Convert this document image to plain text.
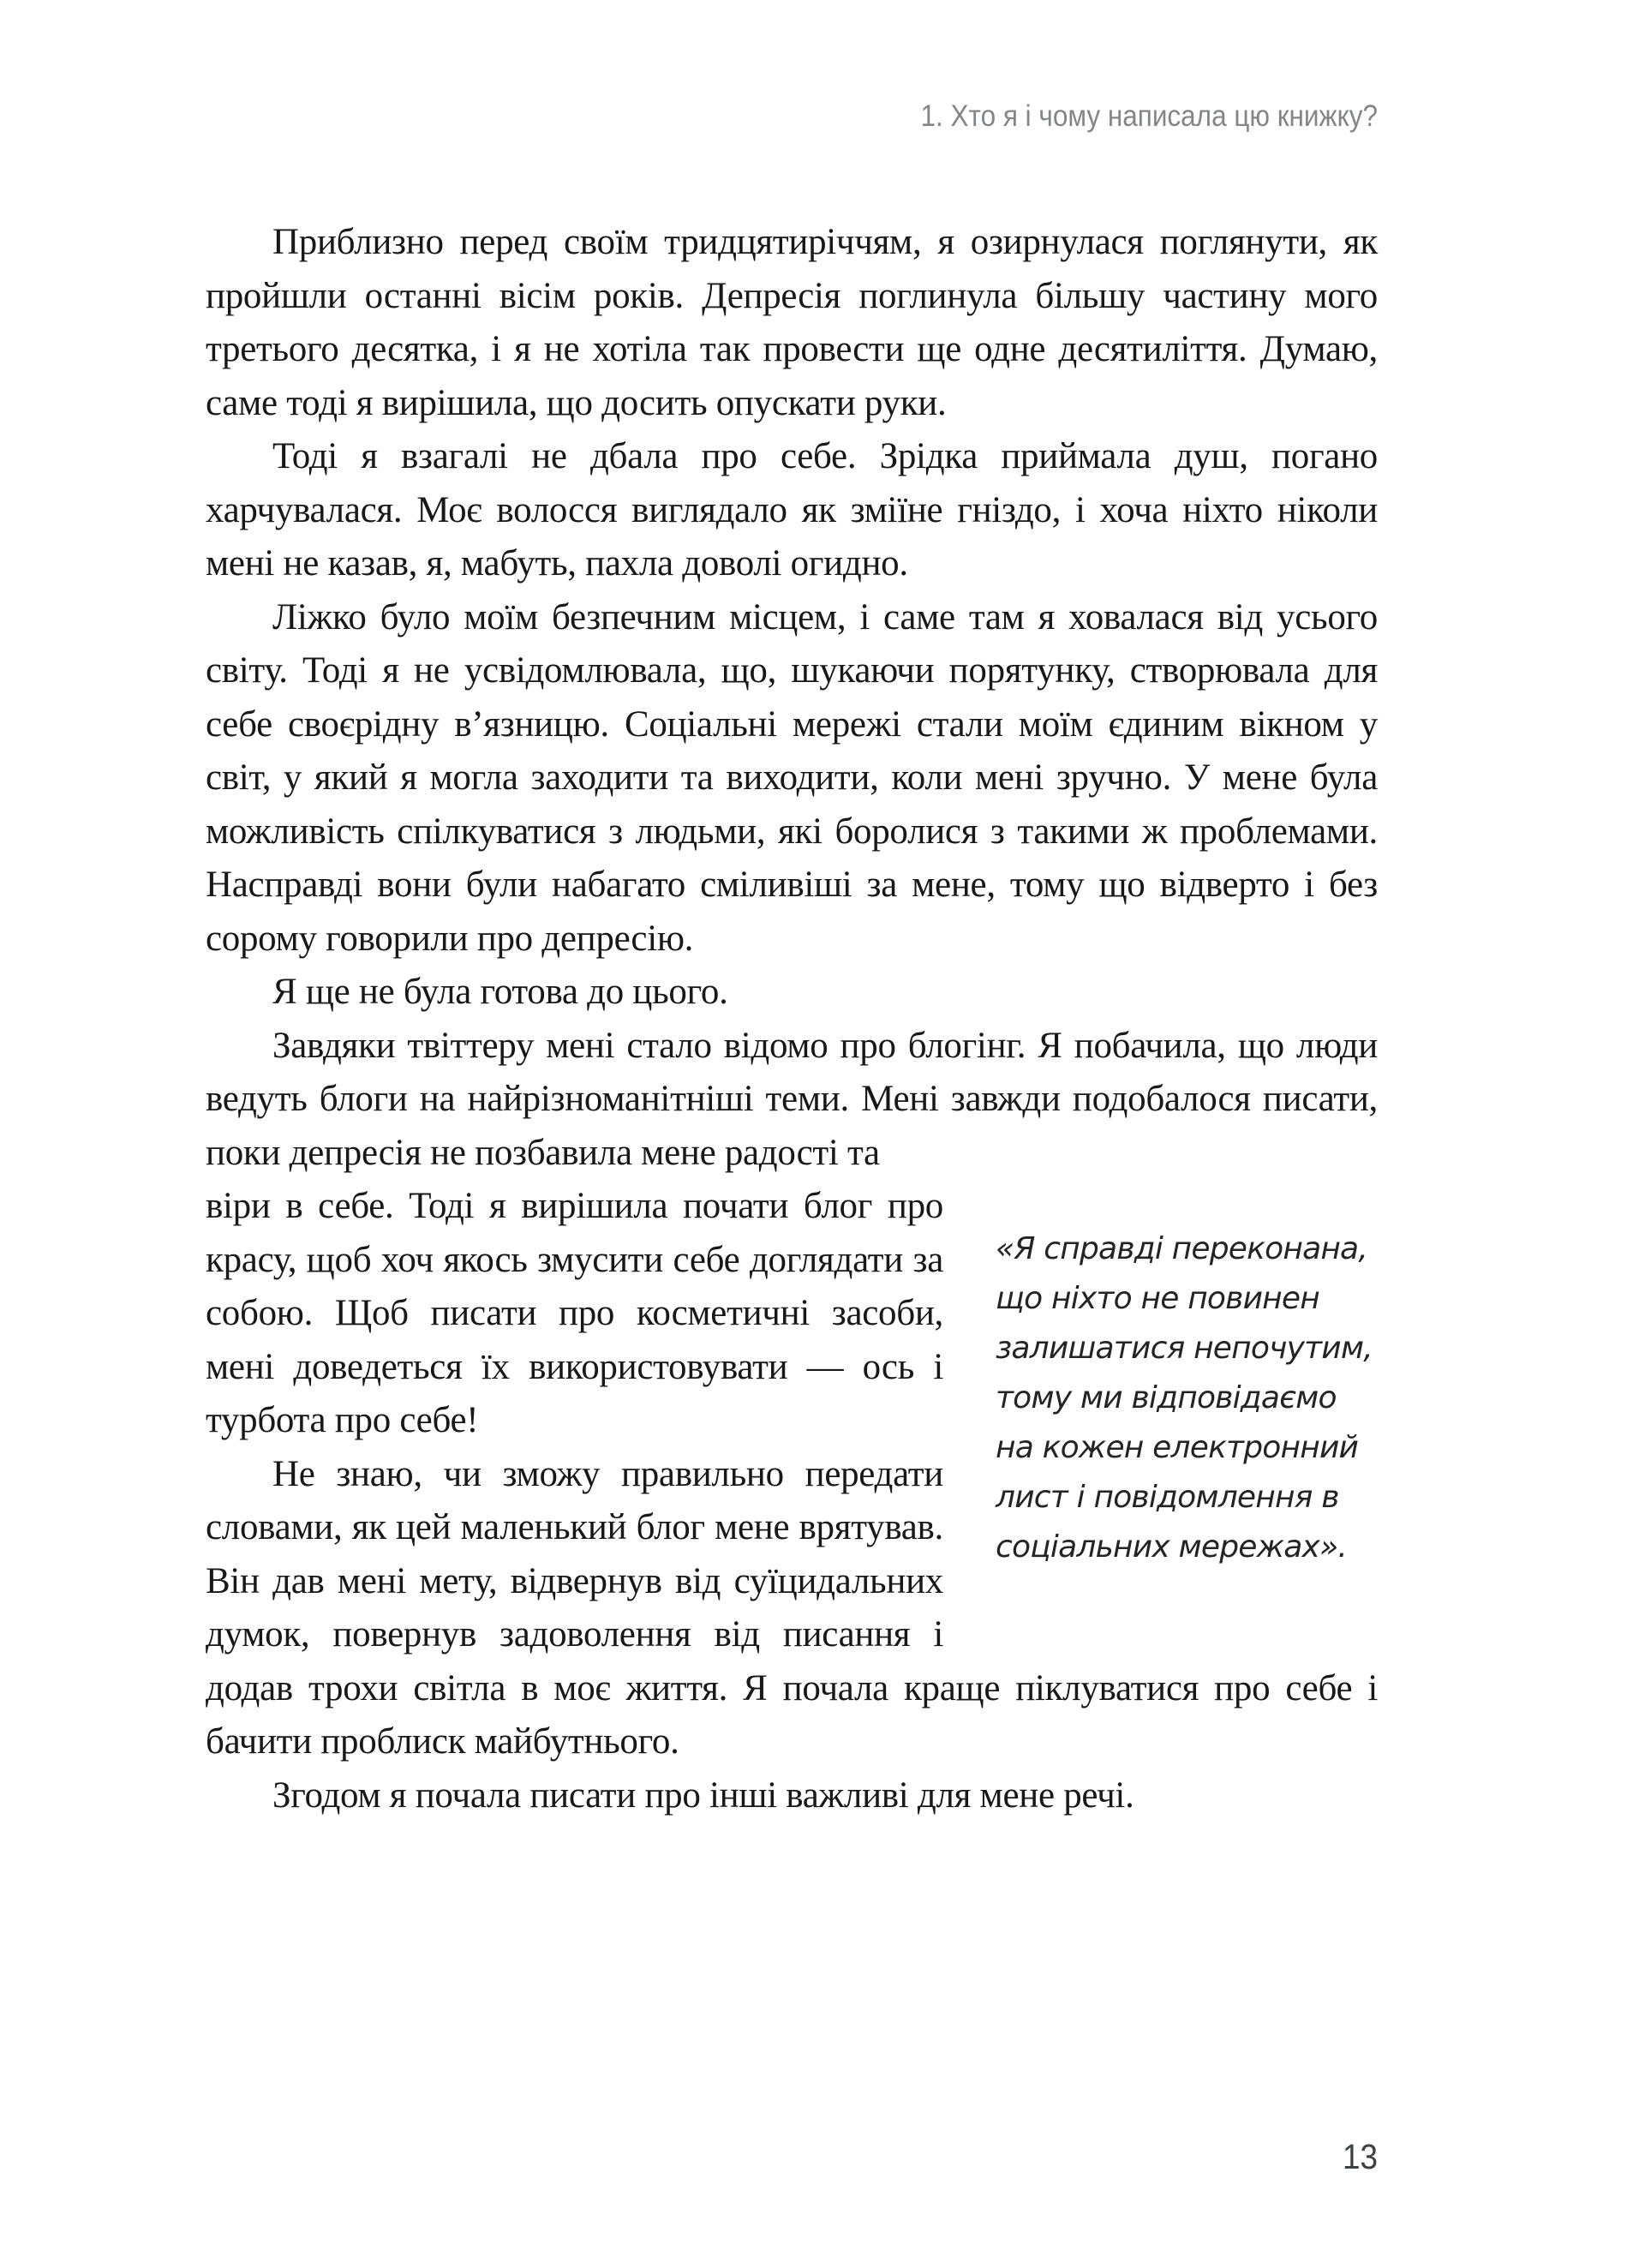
1. Хто я і чому написала цю книжку?

Приблизно перед своїм тридцятиріччям, я озирнулася поглянути, як пройшли останні вісім років. Депресія поглинула більшу частину мого третього десятка, і я не хотіла так провести ще одне десятиліття. Думаю, саме тоді я вирішила, що досить опускати руки.

Тоді я взагалі не дбала про себе. Зрідка приймала душ, погано харчувалася. Моє волосся виглядало як зміїне гніздо, і хоча ніхто ніколи мені не казав, я, мабуть, пахла доволі огидно.

Ліжко було моїм безпечним місцем, і саме там я ховалася від усього світу. Тоді я не усвідомлювала, що, шукаючи порятунку, створювала для себе своєрідну в’язницю. Соціальні мережі стали моїм єдиним вікном у світ, у який я могла заходити та виходити, коли мені зручно. У мене була можливість спілкуватися з людьми, які боролися з такими ж проблемами. Насправді вони були набагато сміливіші за мене, тому що відверто і без сорому говорили про депресію.

Я ще не була готова до цього.

Завдяки твіттеру мені стало відомо про блогінг. Я побачила, що люди ведуть блоги на найрізноманітніші теми. Мені завжди подобалося писати, поки депресія не позбавила мене радості та

«Я справді переконана, що ніхто не повинен залишатися непочутим, тому ми відповідаємо на кожен електронний лист і повідомлення в соціальних мережах».
віри в себе. Тоді я вирішила почати блог про красу, щоб хоч якось змусити себе доглядати за собою. Щоб писати про косметичні засоби, мені доведеться їх використовувати — ось і турбота про себе!

Не знаю, чи зможу правильно передати словами, як цей маленький блог мене врятував. Він дав мені мету, відвернув від суїцидальних думок, повернув задоволення від писання і додав трохи світла в моє життя. Я почала краще піклуватися про себе і бачити проблиск майбутнього.

Згодом я почала писати про інші важливі для мене речі.

13
